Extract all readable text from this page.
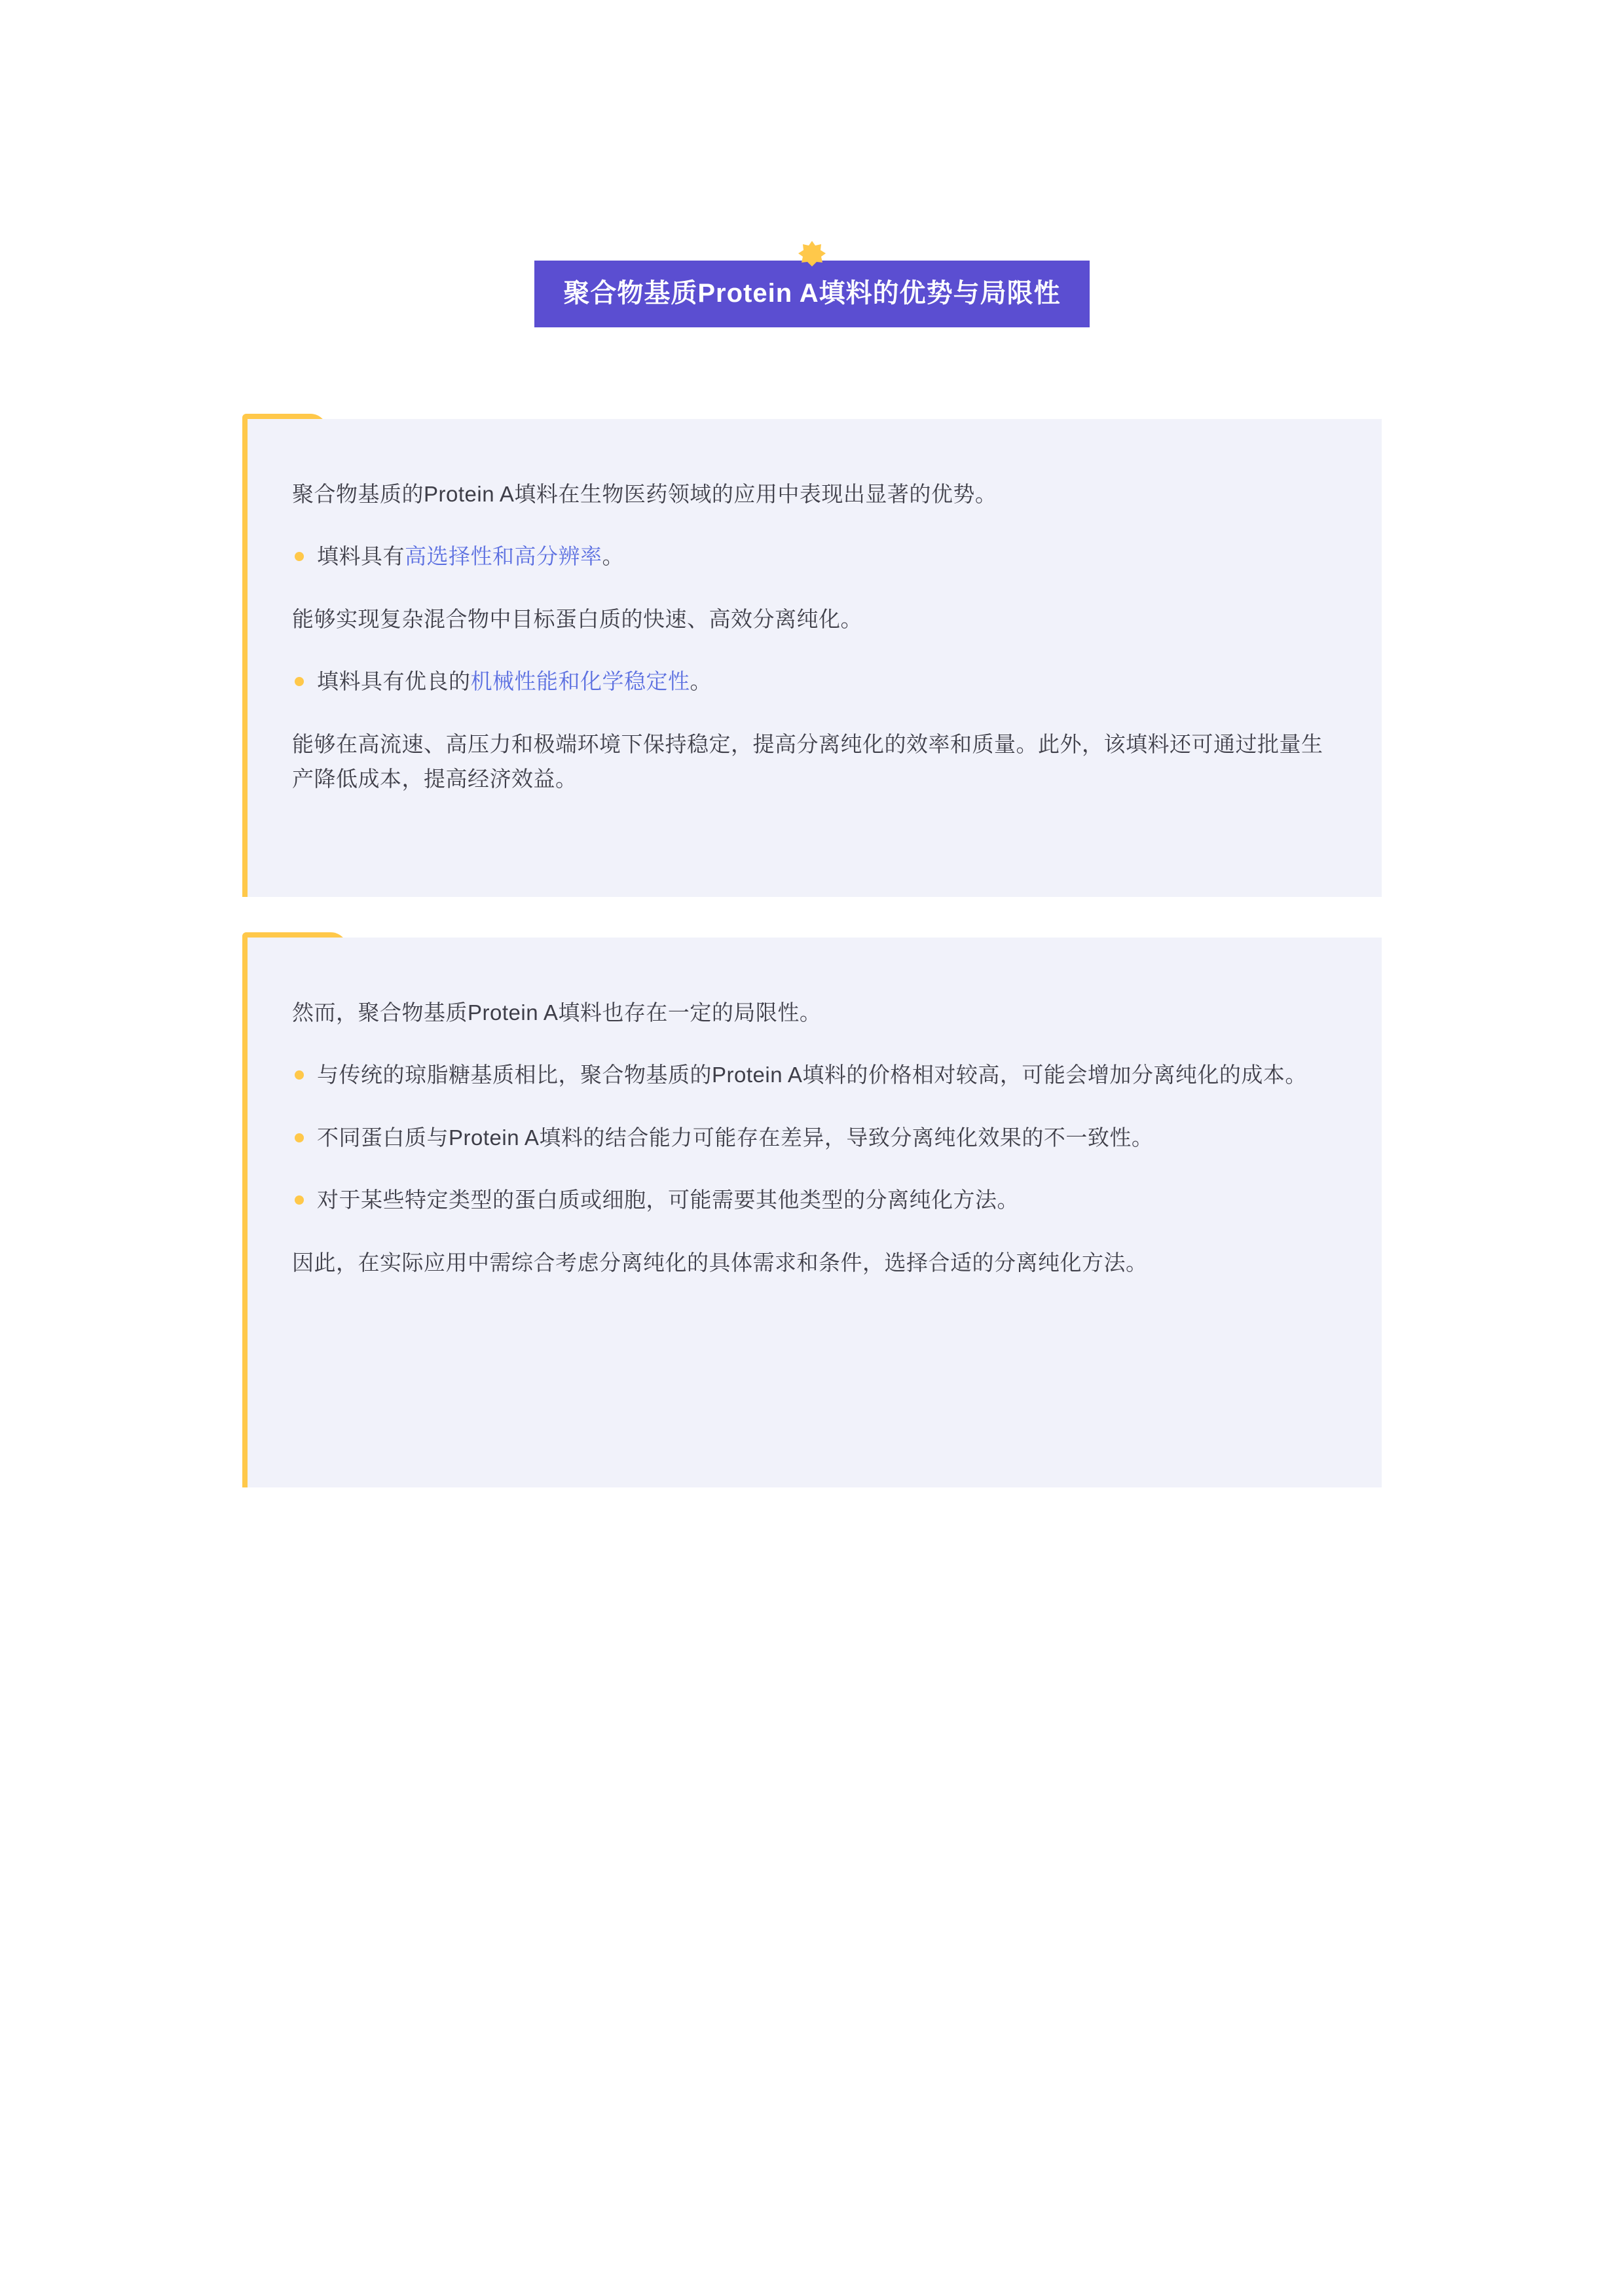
聚合物基质Protein A填料的优势与局限性

聚合物基质的Protein A填料在生物医药领域的应用中表现出显著的优势。

填料具有高选择性和高分辨率。

能够实现复杂混合物中目标蛋白质的快速、高效分离纯化。

填料具有优良的机械性能和化学稳定性。

能够在高流速、高压力和极端环境下保持稳定，提高分离纯化的效率和质量。此外，该填料还可通过批量生产降低成本，提高经济效益。

然而，聚合物基质Protein A填料也存在一定的局限性。

与传统的琼脂糖基质相比，聚合物基质的Protein A填料的价格相对较高，可能会增加分离纯化的成本。
不同蛋白质与Protein A填料的结合能力可能存在差异，导致分离纯化效果的不一致性。
对于某些特定类型的蛋白质或细胞，可能需要其他类型的分离纯化方法。

因此，在实际应用中需综合考虑分离纯化的具体需求和条件，选择合适的分离纯化方法。
